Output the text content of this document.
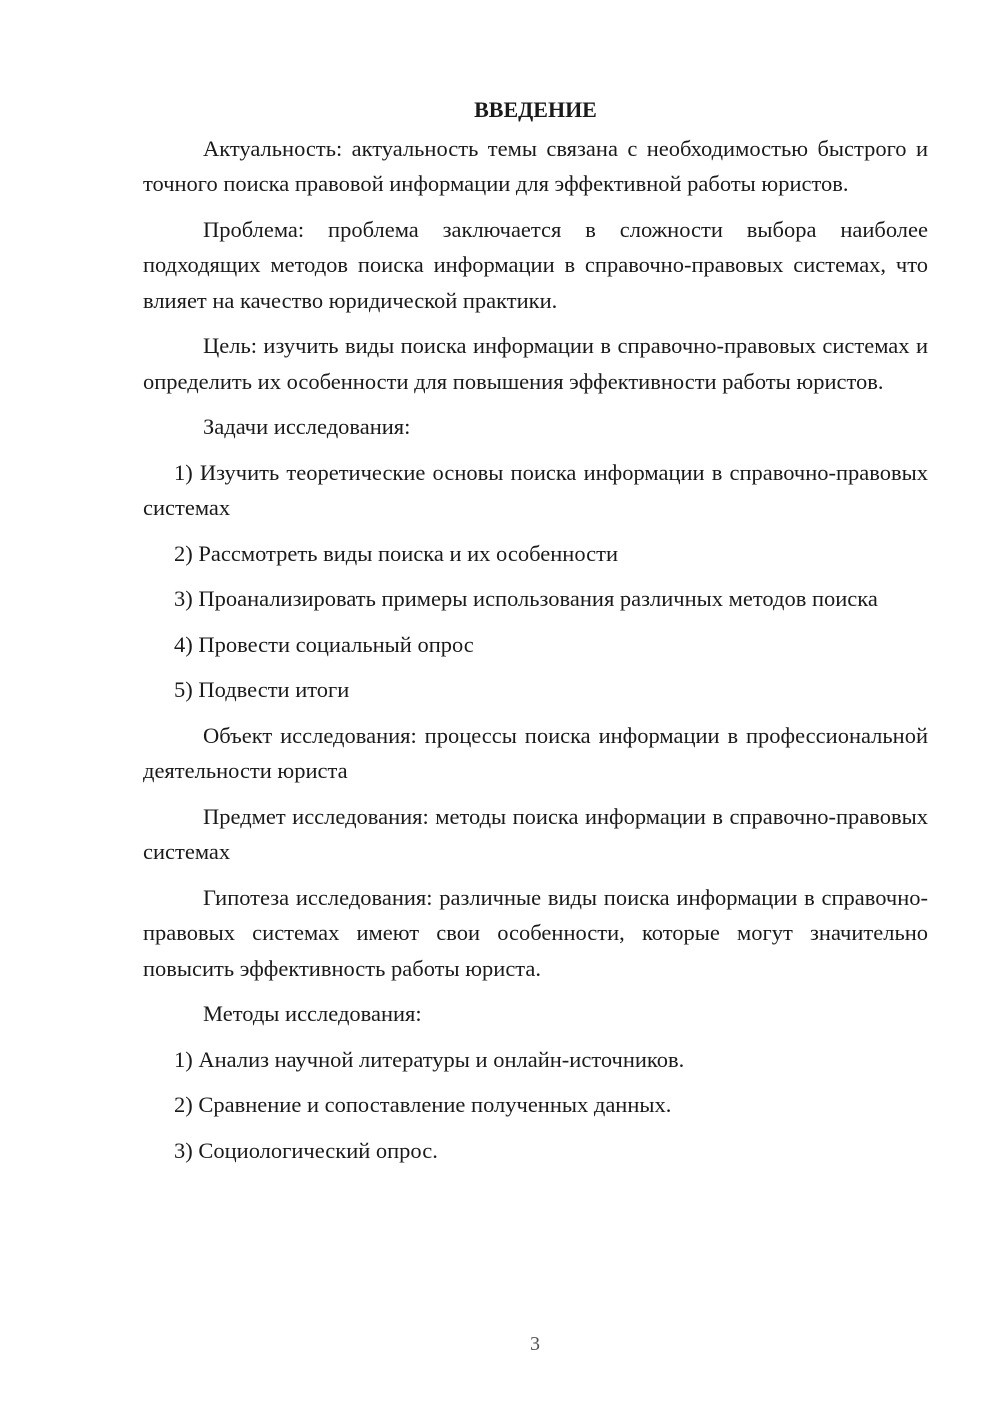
ВВЕДЕНИЕ
Актуальность: актуальность темы связана с необходимостью быстрого и точного поиска правовой информации для эффективной работы юристов.
Проблема: проблема заключается в сложности выбора наиболее подходящих методов поиска информации в справочно-правовых системах, что влияет на качество юридической практики.
Цель: изучить виды поиска информации в справочно-правовых системах и определить их особенности для повышения эффективности работы юристов.
Задачи исследования:
1) Изучить теоретические основы поиска информации в справочно-правовых системах
2) Рассмотреть виды поиска и их особенности
3) Проанализировать примеры использования различных методов поиска
4) Провести социальный опрос
5) Подвести итоги
Объект исследования: процессы поиска информации в профессиональной деятельности юриста
Предмет исследования: методы поиска информации в справочно-правовых системах
Гипотеза исследования: различные виды поиска информации в справочно-правовых системах имеют свои особенности, которые могут значительно повысить эффективность работы юриста.
Методы исследования:
1) Анализ научной литературы и онлайн-источников.
2) Сравнение и сопоставление полученных данных.
3) Социологический опрос.
3
